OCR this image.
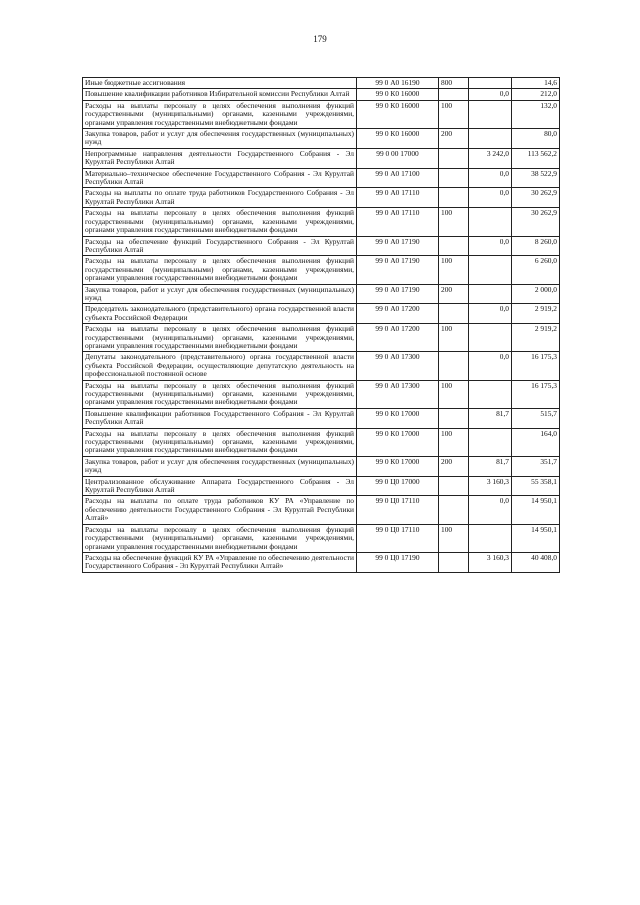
179
Иные бюджетные ассигнования	99 0 А0 16190	800		14,6
Повышение квалификации работников Избирательной комиссии Республики Алтай	99 0 К0 16000		0,0	212,0
Расходы на выплаты персоналу в целях обеспечения выполнения функций государственными (муниципальными) органами, казенными учреждениями, органами управления государственными внебюджетными фондами	99 0 К0 16000	100		132,0
Закупка товаров, работ и услуг для обеспечения государственных (муниципальных) нужд	99 0 К0 16000	200		80,0
Непрограммные направления деятельности Государственного Собрания - Эл Курултай Республики Алтай	99 0 00 17000		3 242,0	113 562,2
Материально–техническое обеспечение Государственного Собрания - Эл Курултай Республики Алтай	99 0 А0 17100		0,0	38 522,9
Расходы на выплаты по оплате труда работников Государственного Собрания - Эл Курултай Республики Алтай	99 0 А0 17110		0,0	30 262,9
Расходы на выплаты персоналу в целях обеспечения выполнения функций государственными (муниципальными) органами, казенными учреждениями, органами управления государственными внебюджетными фондами	99 0 А0 17110	100		30 262,9
Расходы на обеспечение функций Государственного Собрания - Эл Курултай Республики Алтай	99 0 А0 17190		0,0	8 260,0
Расходы на выплаты персоналу в целях обеспечения выполнения функций государственными (муниципальными) органами, казенными учреждениями, органами управления государственными внебюджетными фондами	99 0 А0 17190	100		6 260,0
Закупка товаров, работ и услуг для обеспечения государственных (муниципальных) нужд	99 0 А0 17190	200		2 000,0
Председатель законодательного (представительного) органа государственной власти субъекта Российской Федерации	99 0 А0 17200		0,0	2 919,2
Расходы на выплаты персоналу в целях обеспечения выполнения функций государственными (муниципальными) органами, казенными учреждениями, органами управления государственными внебюджетными фондами	99 0 А0 17200	100		2 919,2
Депутаты законодательного (представительного) органа государственной власти субъекта Российской Федерации, осуществляющие депутатскую деятельность на профессиональной постоянной основе	99 0 А0 17300		0,0	16 175,3
Расходы на выплаты персоналу в целях обеспечения выполнения функций государственными (муниципальными) органами, казенными учреждениями, органами управления государственными внебюджетными фондами	99 0 А0 17300	100		16 175,3
Повышение квалификации работников Государственного Собрания - Эл Курултай Республики Алтай	99 0 К0 17000		81,7	515,7
Расходы на выплаты персоналу в целях обеспечения выполнения функций государственными (муниципальными) органами, казенными учреждениями, органами управления государственными внебюджетными фондами	99 0 К0 17000	100		164,0
Закупка товаров, работ и услуг для обеспечения государственных (муниципальных) нужд	99 0 К0 17000	200	81,7	351,7
Централизованное обслуживание Аппарата Государственного Собрания - Эл Курултай Республики Алтай	99 0 Ц0 17000		3 160,3	55 358,1
Расходы на выплаты по оплате труда работников КУ РА «Управление по обеспечению деятельности Государственного Собрания - Эл Курултай Республики Алтай»	99 0 Ц0 17110		0,0	14 950,1
Расходы на выплаты персоналу в целях обеспечения выполнения функций государственными (муниципальными) органами, казенными учреждениями, органами управления государственными внебюджетными фондами	99 0 Ц0 17110	100		14 950,1
Расходы на обеспечение функций КУ РА «Управление по обеспечению деятельности Государственного Собрания - Эл Курултай Республики Алтай»	99 0 Ц0 17190		3 160,3	40 408,0
